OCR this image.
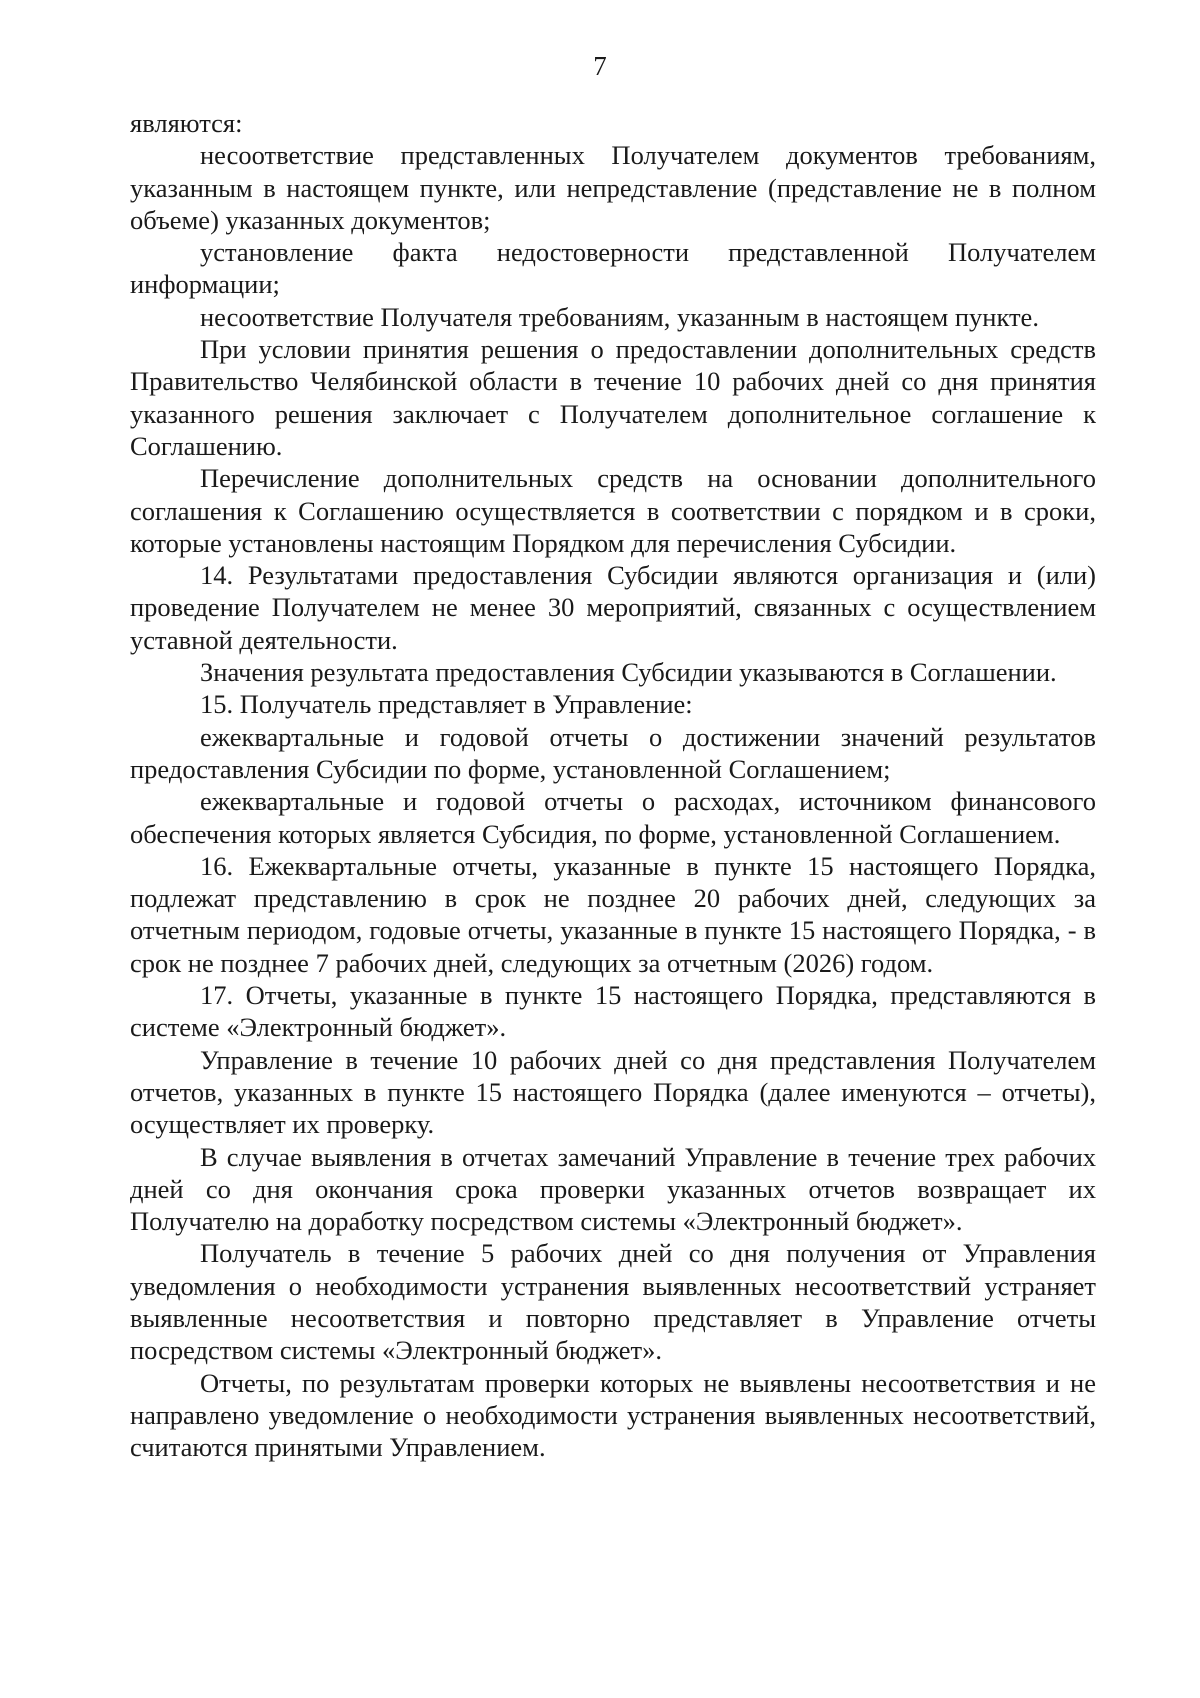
7

являются:

несоответствие представленных Получателем документов требованиям, указанным в настоящем пункте, или непредставление (представление не в полном объеме) указанных документов;

установление факта недостоверности представленной Получателем информации;

несоответствие Получателя требованиям, указанным в настоящем пункте.

При условии принятия решения о предоставлении дополнительных средств Правительство Челябинской области в течение 10 рабочих дней со дня принятия указанного решения заключает с Получателем дополнительное соглашение к Соглашению.

Перечисление дополнительных средств на основании дополнительного соглашения к Соглашению осуществляется в соответствии с порядком и в сроки, которые установлены настоящим Порядком для перечисления Субсидии.

14. Результатами предоставления Субсидии являются организация и (или) проведение Получателем не менее 30 мероприятий, связанных с осуществлением уставной деятельности.

Значения результата предоставления Субсидии указываются в Соглашении.

15. Получатель представляет в Управление:

ежеквартальные и годовой отчеты о достижении значений результатов предоставления Субсидии по форме, установленной Соглашением;

ежеквартальные и годовой отчеты о расходах, источником финансового обеспечения которых является Субсидия, по форме, установленной Соглашением.

16. Ежеквартальные отчеты, указанные в пункте 15 настоящего Порядка, подлежат представлению в срок не позднее 20 рабочих дней, следующих за отчетным периодом, годовые отчеты, указанные в пункте 15 настоящего Порядка, - в срок не позднее 7 рабочих дней, следующих за отчетным (2026) годом.

17. Отчеты, указанные в пункте 15 настоящего Порядка, представляются в системе «Электронный бюджет».

Управление в течение 10 рабочих дней со дня представления Получателем отчетов, указанных в пункте 15 настоящего Порядка (далее именуются – отчеты), осуществляет их проверку.

В случае выявления в отчетах замечаний Управление в течение трех рабочих дней со дня окончания срока проверки указанных отчетов возвращает их Получателю на доработку посредством системы «Электронный бюджет».

Получатель в течение 5 рабочих дней со дня получения от Управления уведомления о необходимости устранения выявленных несоответствий устраняет выявленные несоответствия и повторно представляет в Управление отчеты посредством системы «Электронный бюджет».

Отчеты, по результатам проверки которых не выявлены несоответствия и не направлено уведомление о необходимости устранения выявленных несоответствий, считаются принятыми Управлением.
